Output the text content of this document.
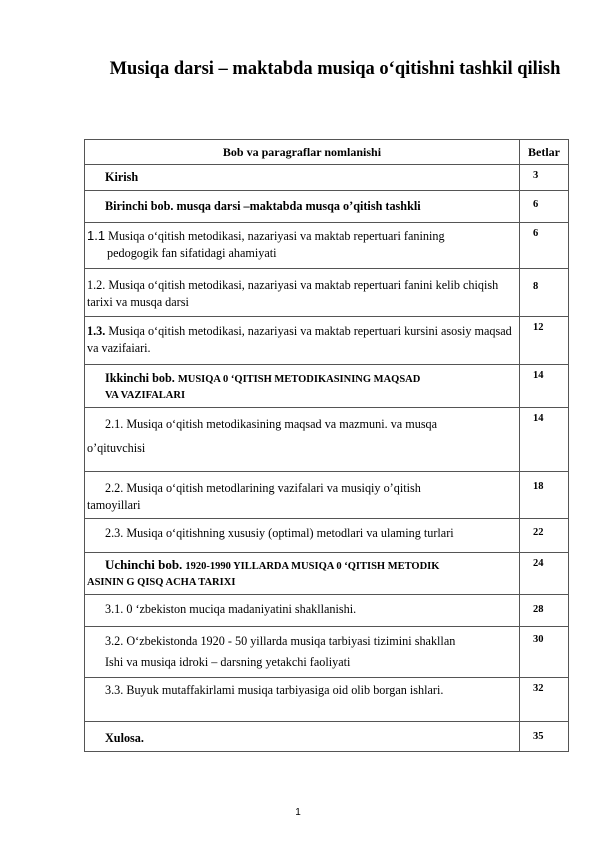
Musiqa darsi – maktabda musiqa o‘qitishni tashkil qilish
Bob va paragraflar nomlanishi	Betlar

Kirish	3

Birinchi bob. musqa darsi –maktabda musqa o’qitish tashkli	6
1.1 Musiqa o‘qitish metodikasi, nazariyasi va maktab repertuari fanining
pedogogik fan sifatidagi ahamiyati	6
1.2. Musiqa o‘qitish metodikasi, nazariyasi va maktab repertuari fanini kelib chiqish tarixi va musqa darsi	8
1.3. Musiqa o‘qitish metodikasi, nazariyasi va maktab repertuari kursini asosiy maqsad va vazifaiari.	12

Ikkinchi bob. MUSIQA 0 ‘QITISH METODIKASINING MAQSAD
VA VAZIFALARI	14

2.1. Musiqa o‘qitish metodikasining maqsad va mazmuni. va musqa
o’qituvchisi	14

2.2. Musiqa o‘qitish metodlarining vazifalari va musiqiy o’qitish
tamoyillari	18

2.3. Musiqa o‘qitishning xususiy (optimal) metodlari va ulaming turlari	22

Uchinchi bob. 1920-1990 YILLARDA MUSIQA 0 ‘QITISH METODIK
ASININ G QISQ ACHA TARIXI	24

3.1. 0 ‘zbekiston muciqa madaniyatini shakllanishi.	28

3.2. O‘zbekistonda 1920 - 50 yillarda musiqa tarbiyasi tizimini shakllan
Ishi va musiqa idroki – darsning yetakchi faoliyati	30

3.3. Buyuk mutaffakirlami musiqa tarbiyasiga oid olib borgan ishlari.	32

Xulosa.	35
1
